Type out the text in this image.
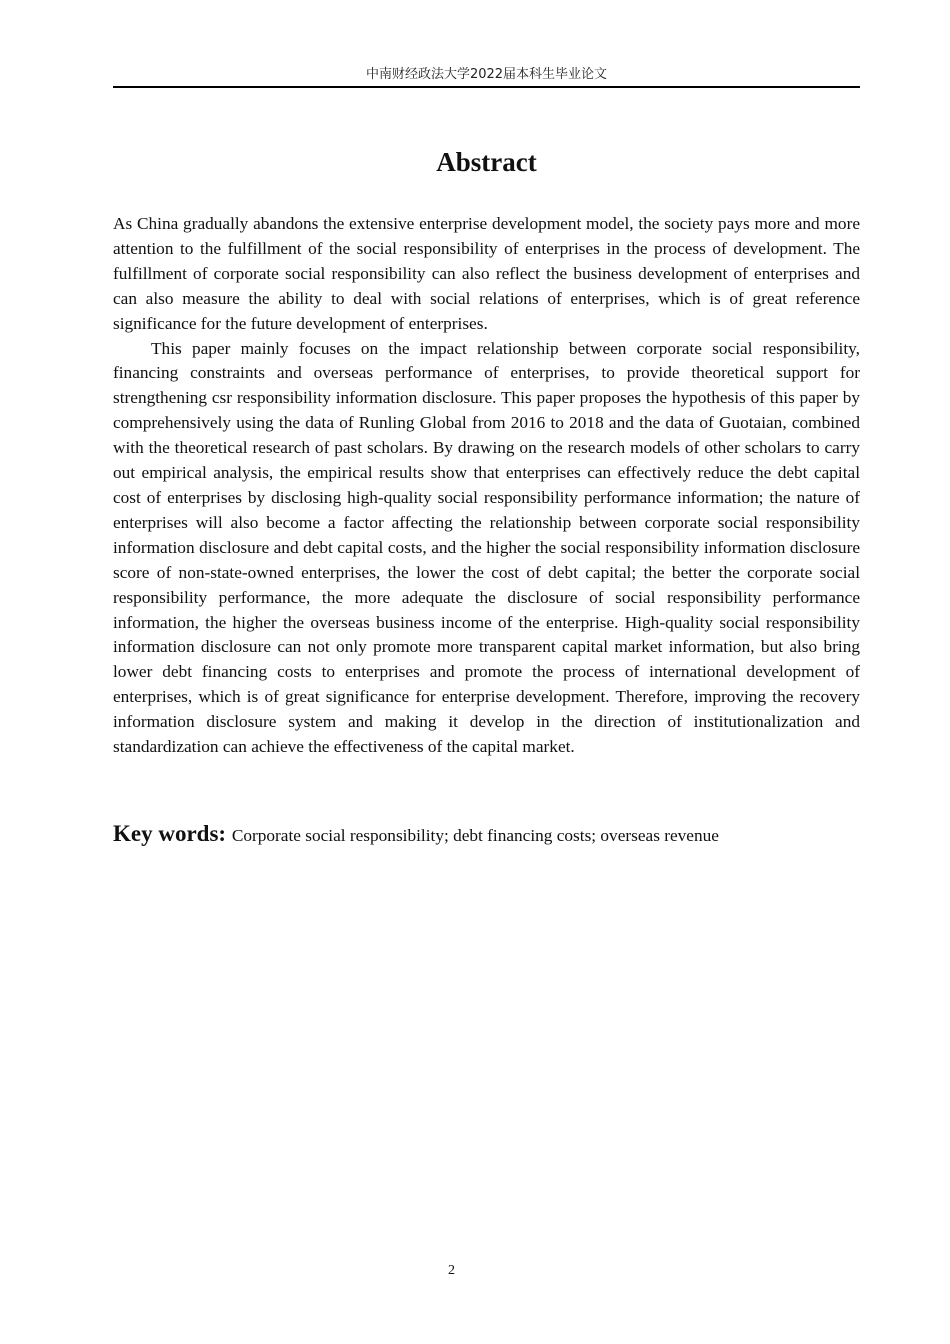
中南财经政法大学2022届本科生毕业论文
Abstract

As China gradually abandons the extensive enterprise development model, the society pays more and more attention to the fulfillment of the social responsibility of enterprises in the process of development. The fulfillment of corporate social responsibility can also reflect the business development of enterprises and can also measure the ability to deal with social relations of enterprises, which is of great reference significance for the future development of enterprises.

This paper mainly focuses on the impact relationship between corporate social responsibility, financing constraints and overseas performance of enterprises, to provide theoretical support for strengthening csr responsibility information disclosure. This paper proposes the hypothesis of this paper by comprehensively using the data of Runling Global from 2016 to 2018 and the data of Guotaian, combined with the theoretical research of past scholars. By drawing on the research models of other scholars to carry out empirical analysis, the empirical results show that enterprises can effectively reduce the debt capital cost of enterprises by disclosing high-quality social responsibility performance information; the nature of enterprises will also become a factor affecting the relationship between corporate social responsibility information disclosure and debt capital costs, and the higher the social responsibility information disclosure score of non-state-owned enterprises, the lower the cost of debt capital; the better the corporate social responsibility performance, the more adequate the disclosure of social responsibility performance information, the higher the overseas business income of the enterprise. High-quality social responsibility information disclosure can not only promote more transparent capital market information, but also bring lower debt financing costs to enterprises and promote the process of international development of enterprises, which is of great significance for enterprise development. Therefore, improving the recovery information disclosure system and making it develop in the direction of institutionalization and standardization can achieve the effectiveness of the capital market.

Key words: Corporate social responsibility; debt financing costs; overseas revenue
2
